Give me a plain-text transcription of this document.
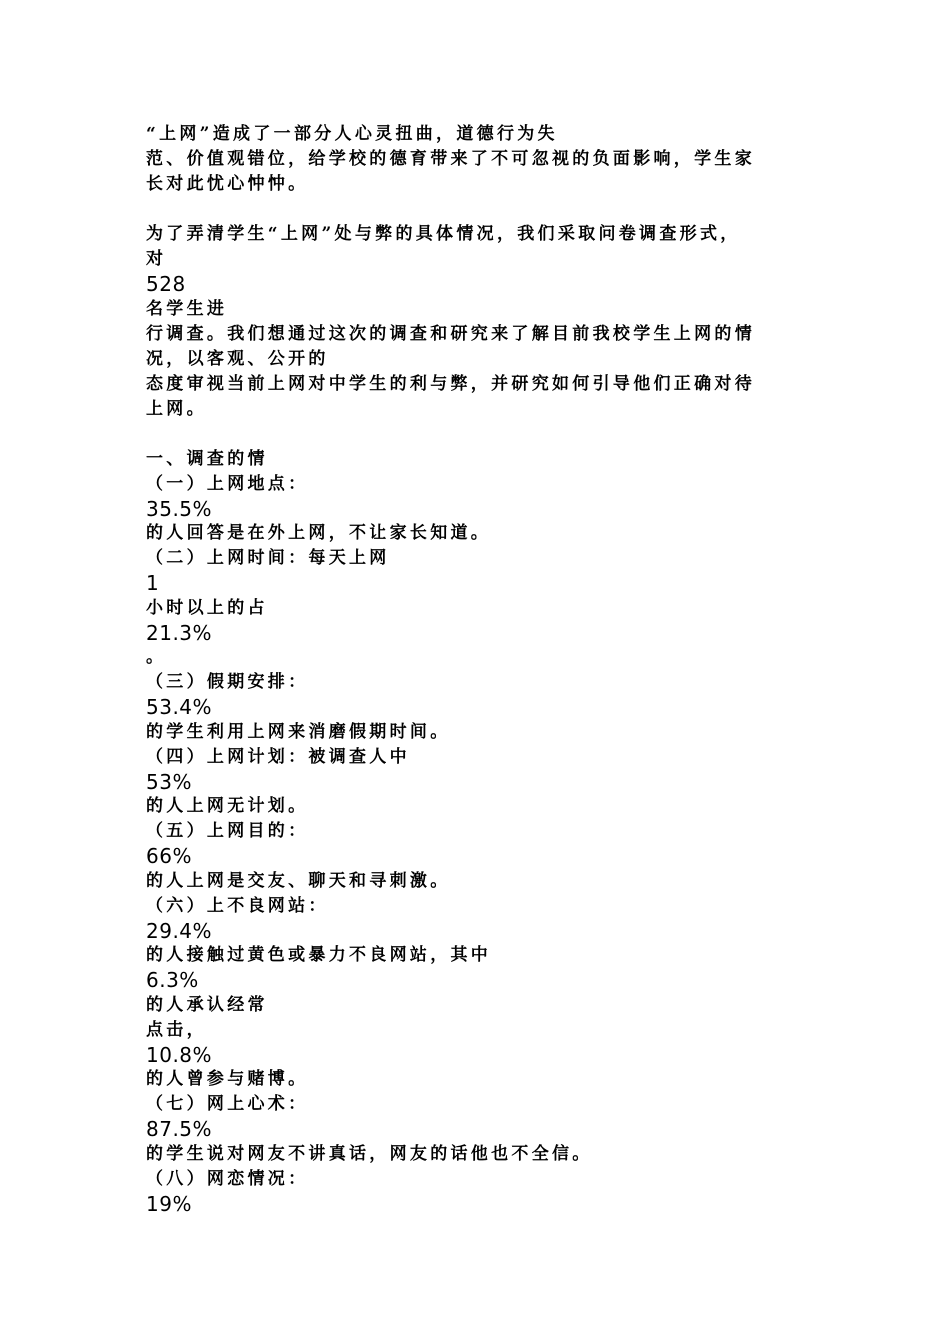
“上网”造成了一部分人心灵扭曲，道德行为失
范、价值观错位，给学校的德育带来了不可忽视的负面影响，学生家
长对此忧心忡忡。
为了弄清学生“上网”处与弊的具体情况，我们采取问卷调查形式，
对
528
名学生进
行调查。我们想通过这次的调查和研究来了解目前我校学生上网的情
况，以客观、公开的
态度审视当前上网对中学生的利与弊，并研究如何引导他们正确对待
上网。
一、调查的情
（一）上网地点：
35.5%
的人回答是在外上网，不让家长知道。
（二）上网时间：每天上网
1
小时以上的占
21.3%
。
（三）假期安排：
53.4%
的学生利用上网来消磨假期时间。
（四）上网计划：被调查人中
53%
的人上网无计划。
（五）上网目的：
66%
的人上网是交友、聊天和寻刺激。
（六）上不良网站：
29.4%
的人接触过黄色或暴力不良网站，其中
6.3%
的人承认经常
点击，
10.8%
的人曾参与赌博。
（七）网上心术：
87.5%
的学生说对网友不讲真话，网友的话他也不全信。
（八）网恋情况：
19%
